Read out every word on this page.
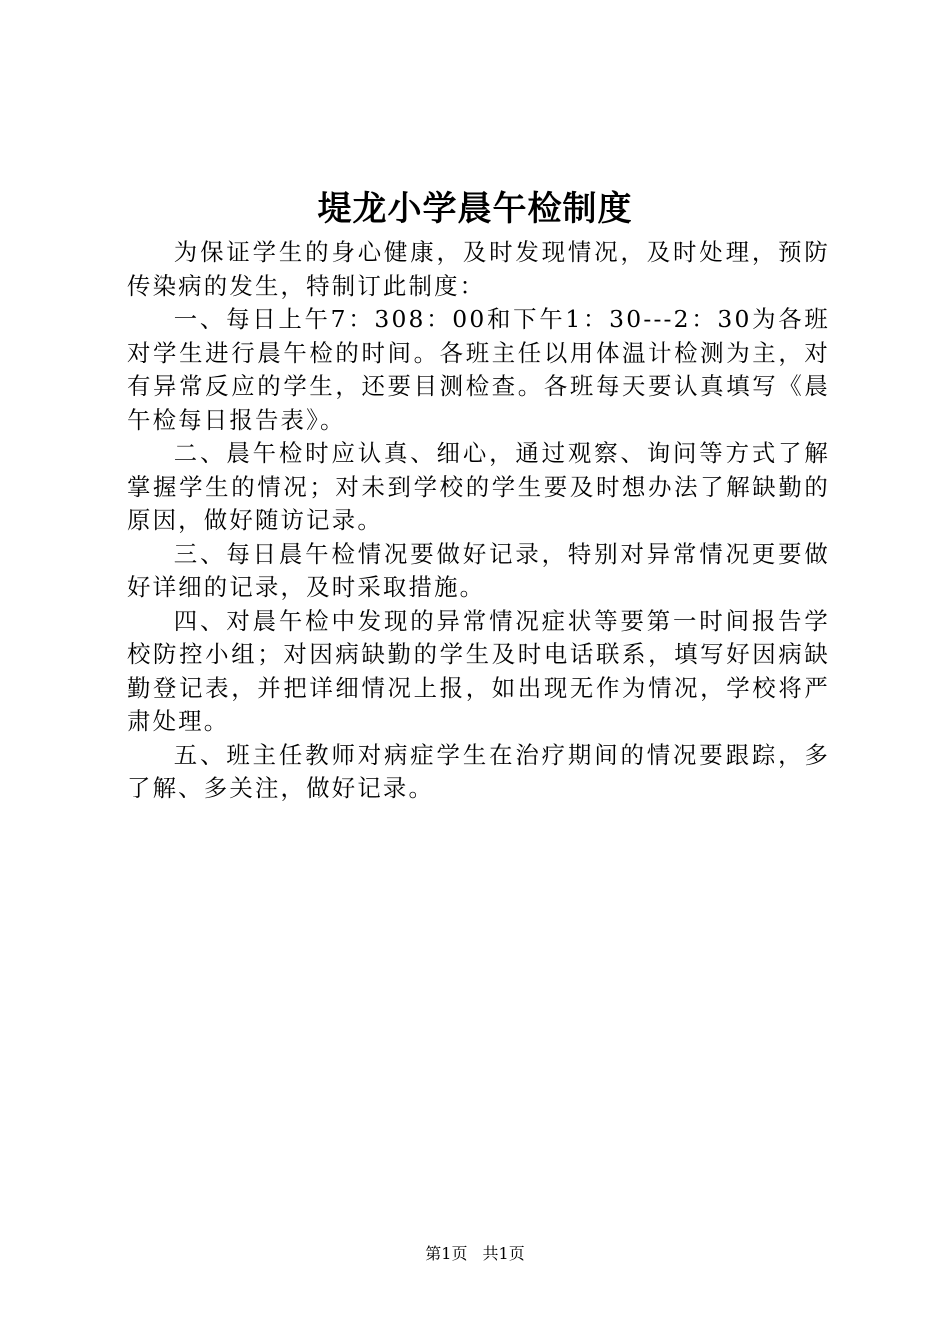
堤龙小学晨午检制度

为保证学生的身心健康，及时发现情况，及时处理，预防传染病的发生，特制订此制度：

一、每日上午7：308：00和下午1：30---2：30为各班对学生进行晨午检的时间。各班主任以用体温计检测为主，对有异常反应的学生，还要目测检查。各班每天要认真填写《晨午检每日报告表》。

二、晨午检时应认真、细心，通过观察、询问等方式了解掌握学生的情况；对未到学校的学生要及时想办法了解缺勤的原因，做好随访记录。

三、每日晨午检情况要做好记录，特别对异常情况更要做好详细的记录，及时采取措施。

四、对晨午检中发现的异常情况症状等要第一时间报告学校防控小组；对因病缺勤的学生及时电话联系，填写好因病缺勤登记表，并把详细情况上报，如出现无作为情况，学校将严肃处理。

五、班主任教师对病症学生在治疗期间的情况要跟踪，多了解、多关注，做好记录。

第1页 共1页
